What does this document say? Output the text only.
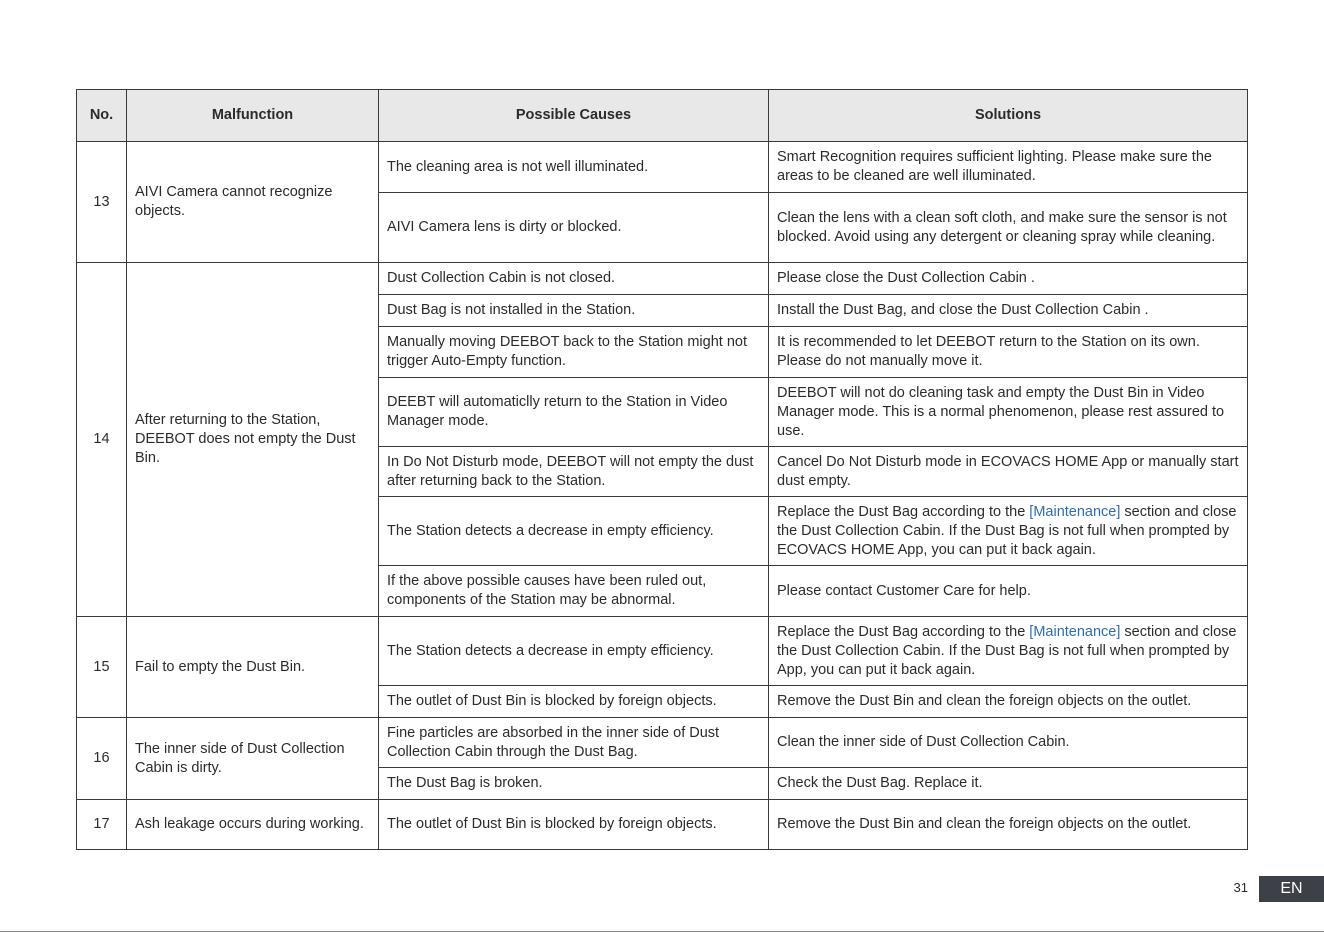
No.	Malfunction	Possible Causes	Solutions
13	AIVI Camera cannot recognize objects.	The cleaning area is not well illuminated.	Smart Recognition requires sufficient lighting. Please make sure the areas to be cleaned are well illuminated.
		AIVI Camera lens is dirty or blocked.	Clean the lens with a clean soft cloth, and make sure the sensor is not blocked. Avoid using any detergent or cleaning spray while cleaning.
14	After returning to the Station, DEEBOT does not empty the Dust Bin.	Dust Collection Cabin is not closed.	Please close the Dust Collection Cabin .
		Dust Bag is not installed in the Station.	Install the Dust Bag, and close the Dust Collection Cabin .
		Manually moving DEEBOT back to the Station might not trigger Auto-Empty function.	It is recommended to let DEEBOT return to the Station on its own. Please do not manually move it.
		DEEBT will automaticlly return to the Station in Video Manager mode.	DEEBOT will not do cleaning task and empty the Dust Bin in Video Manager mode. This is a normal phenomenon, please rest assured to use.
		In Do Not Disturb mode, DEEBOT will not empty the dust after returning back to the Station.	Cancel Do Not Disturb mode in ECOVACS HOME App or manually start dust empty.
		The Station detects a decrease in empty efficiency.	Replace the Dust Bag according to the [Maintenance] section and close the Dust Collection Cabin. If the Dust Bag is not full when prompted by ECOVACS HOME App, you can put it back again.
		If the above possible causes have been ruled out, components of the Station may be abnormal.	Please contact Customer Care for help.
15	Fail to empty the Dust Bin.	The Station detects a decrease in empty efficiency.	Replace the Dust Bag according to the [Maintenance] section and close the Dust Collection Cabin. If the Dust Bag is not full when prompted by App, you can put it back again.
		The outlet of Dust Bin is blocked by foreign objects.	Remove the Dust Bin and clean the foreign objects on the outlet.
16	The inner side of Dust Collection Cabin is dirty.	Fine particles are absorbed in the inner side of Dust Collection Cabin through the Dust Bag.	Clean the inner side of Dust Collection Cabin.
		The Dust Bag is broken.	Check the Dust Bag. Replace it.
17	Ash leakage occurs during working.	The outlet of Dust Bin is blocked by foreign objects.	Remove the Dust Bin and clean the foreign objects on the outlet.
31	EN
